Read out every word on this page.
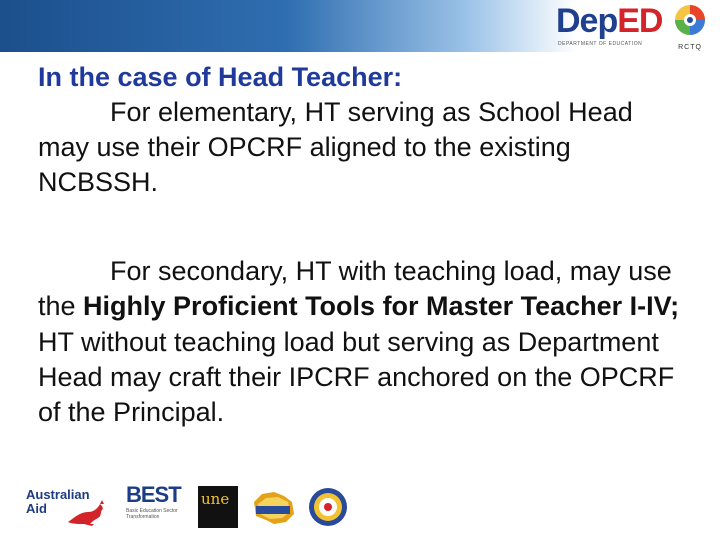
DepED
DEPARTMENT OF EDUCATION	RCTQ

In the case of Head Teacher:

For elementary, HT serving as School Head may use their OPCRF aligned to the existing NCBSSH.

For secondary, HT with teaching load, may use the Highly Proficient Tools for Master Teacher I-IV; HT without teaching load but serving as Department Head may craft their IPCRF anchored on the OPCRF of the Principal.

Australian
Aid
BEST
Basic Education Sector Transformation
une
